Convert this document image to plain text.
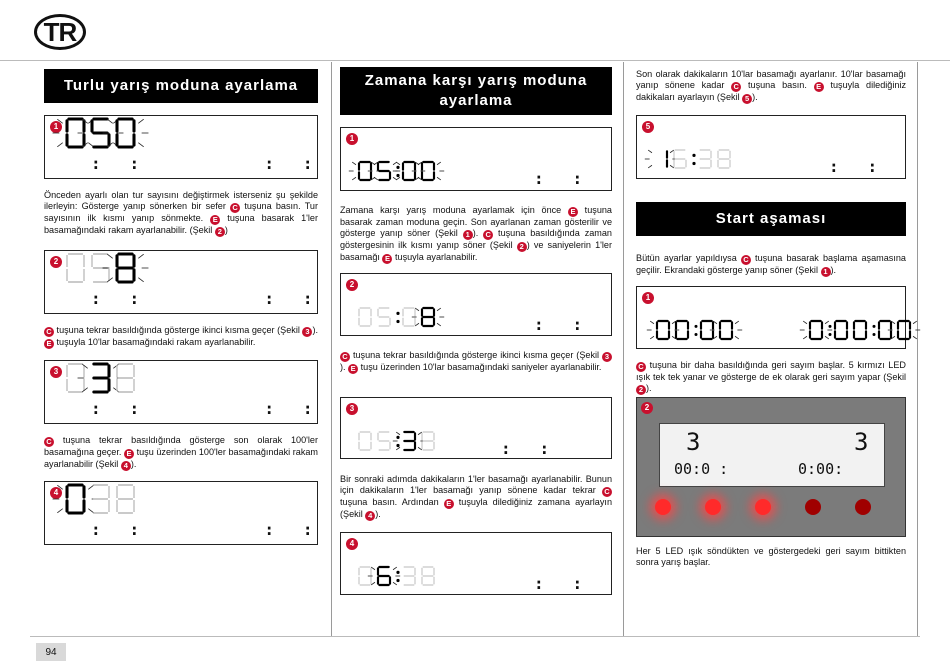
TR
94
Turlu yarış moduna ayarlama
1
:   :             :   :
Önceden ayarlı olan tur sayısını değiştirmek isterseniz şu şekilde ilerleyin: Gösterge yanıp sönerken bir sefer C tuşuna basın. Tur sayısının ilk kısmı yanıp sönmekte. E tuşuna basarak 1'ler basamağındaki rakam ayarlanabilir. (Şekil 2 )
2
:   :             :   :
C tuşuna tekrar basıldığında gösterge ikinci kısma geçer (Şekil 3 ). E tuşuyla 10'lar basamağındaki rakam ayarlanabilir.
3
:   :             :   :
C tuşuna tekrar basıldığında gösterge son olarak 100'ler basamağına geçer. E tuşu üzerinden 100'ler basamağındaki rakam ayarlanabilir (Şekil 4 ).
4
:   :             :   :
Zamana karşı yarış moduna
ayarlama
1
:   :
Zamana karşı yarış moduna ayarlamak için önce E tuşuna basarak zaman moduna geçin. Son ayarlanan zaman gösterilir ve gösterge yanıp söner (Şekil 1 ). C tuşuna basıldığında zaman göstergesinin ilk kısmı yanıp söner (Şekil 2 ) ve saniyelerin 1'ler basamağı E tuşuyla ayarlanabilir.
2
:   :
C tuşuna tekrar basıldığında gösterge ikinci kısma geçer (Şekil 3). E tuşu üzerinden 10'lar basamağındaki saniyeler ayarlanabilir.
3
:   :
Bir sonraki adımda dakikaların 1'ler basamağı ayarlanabilir. Bunun için dakikaların 1'ler basamağı yanıp sönene kadar tekrar C tuşuna basın. Ardından E tuşuyla dilediğiniz zamana ayarlayın (Şekil 4 ).
4
:   :
Son olarak dakikaların 10'lar basamağı ayarlanır. 10'lar basamağı yanıp sönene kadar C tuşuna basın. E tuşuyla dilediğiniz dakikaları ayarlayın (Şekil 5 ).
5
:   :
Start aşaması
Bütün ayarlar yapıldıysa C tuşuna basarak başlama aşamasına geçilir. Ekrandaki gösterge yanıp söner (Şekil 1 ).
1
C tuşuna bir daha basıldığında geri sayım başlar. 5 kırmızı LED ışık tek tek yanar ve gösterge de ek olarak geri sayım yapar (Şekil 2 ).
2
3	3
00:0 :	0:00:
Her 5 LED ışık söndükten ve göstergedeki geri sayım bittikten sonra yarış başlar.
